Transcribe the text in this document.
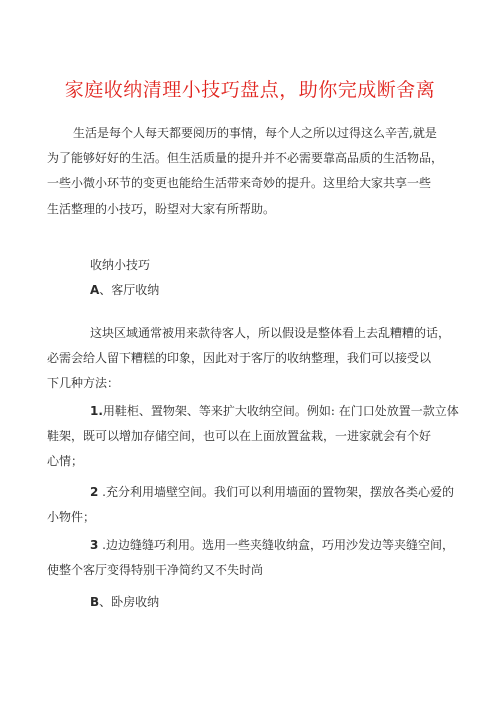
家庭收纳清理小技巧盘点，助你完成断舍离
生活是每个人每天都要阅历的事情，每个人之所以过得这么辛苦,就是
为了能够好好的生活。但生活质量的提升并不必需要靠高品质的生活物品，
一些小微小环节的变更也能给生活带来奇妙的提升。这里给大家共享一些
生活整理的小技巧，盼望对大家有所帮助。
收纳小技巧
A、客厅收纳
这块区域通常被用来款待客人，所以假设是整体看上去乱糟糟的话，
必需会给人留下糟糕的印象，因此对于客厅的收纳整理，我们可以接受以
下几种方法：
1.用鞋柜、置物架、等来扩大收纳空间。例如: 在门口处放置一款立体
鞋架，既可以增加存储空间，也可以在上面放置盆栽，一进家就会有个好
心情；
2 .充分利用墙壁空间。我们可以利用墙面的置物架，摆放各类心爱的
小物件；
3 .边边缝缝巧利用。选用一些夹缝收纳盒，巧用沙发边等夹缝空间，
使整个客厅变得特别干净简约又不失时尚
B、卧房收纳
